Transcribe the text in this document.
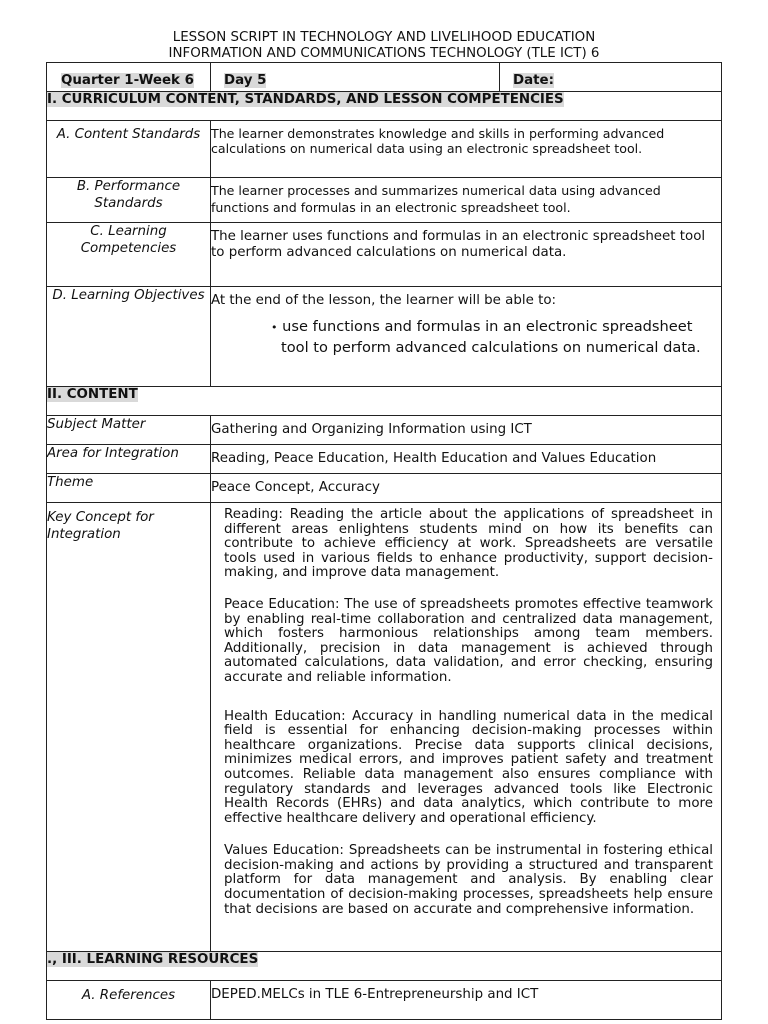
LESSON SCRIPT IN TECHNOLOGY AND LIVELIHOOD EDUCATION
INFORMATION AND COMMUNICATIONS TECHNOLOGY (TLE ICT) 6
Quarter 1-Week 6	Day 5	Date:
I. CURRICULUM CONTENT, STANDARDS, AND LESSON COMPETENCIES		
A. Content Standards	The learner demonstrates knowledge and skills in performing advanced calculations on numerical data using an electronic spreadsheet tool.	
B. Performance Standards	The learner processes and summarizes numerical data using advanced functions and formulas in an electronic spreadsheet tool.	
C. Learning Competencies	The learner uses functions and formulas in an electronic spreadsheet tool to perform advanced calculations on numerical data.	
D. Learning Objectives	At the end of the lesson, the learner will be able to:
• use functions and formulas in an electronic spreadsheet tool to perform advanced calculations on numerical data.	

II. CONTENT		
Subject Matter	Gathering and Organizing Information using ICT	
Area for Integration	Reading, Peace Education, Health Education and Values Education	
Theme	Peace Concept, Accuracy	
Key Concept for Integration	Reading: Reading the article about the applications of spreadsheet in different areas enlightens students mind on how its benefits can contribute to achieve efficiency at work. Spreadsheets are versatile tools used in various fields to enhance productivity, support decision-making, and improve data management.

Peace Education: The use of spreadsheets promotes effective teamwork by enabling real-time collaboration and centralized data management, which fosters harmonious relationships among team members. Additionally, precision in data management is achieved through automated calculations, data validation, and error checking, ensuring accurate and reliable information.

Health Education: Accuracy in handling numerical data in the medical field is essential for enhancing decision-making processes within healthcare organizations. Precise data supports clinical decisions, minimizes medical errors, and improves patient safety and treatment outcomes. Reliable data management also ensures compliance with regulatory standards and leverages advanced tools like Electronic Health Records (EHRs) and data analytics, which contribute to more effective healthcare delivery and operational efficiency.

Values Education: Spreadsheets can be instrumental in fostering ethical decision-making and actions by providing a structured and transparent platform for data management and analysis. By enabling clear documentation of decision-making processes, spreadsheets help ensure that decisions are based on accurate and comprehensive information.	

., III. LEARNING RESOURCES		
A. References	DEPED.MELCs in TLE 6-Entrepreneurship and ICT	
